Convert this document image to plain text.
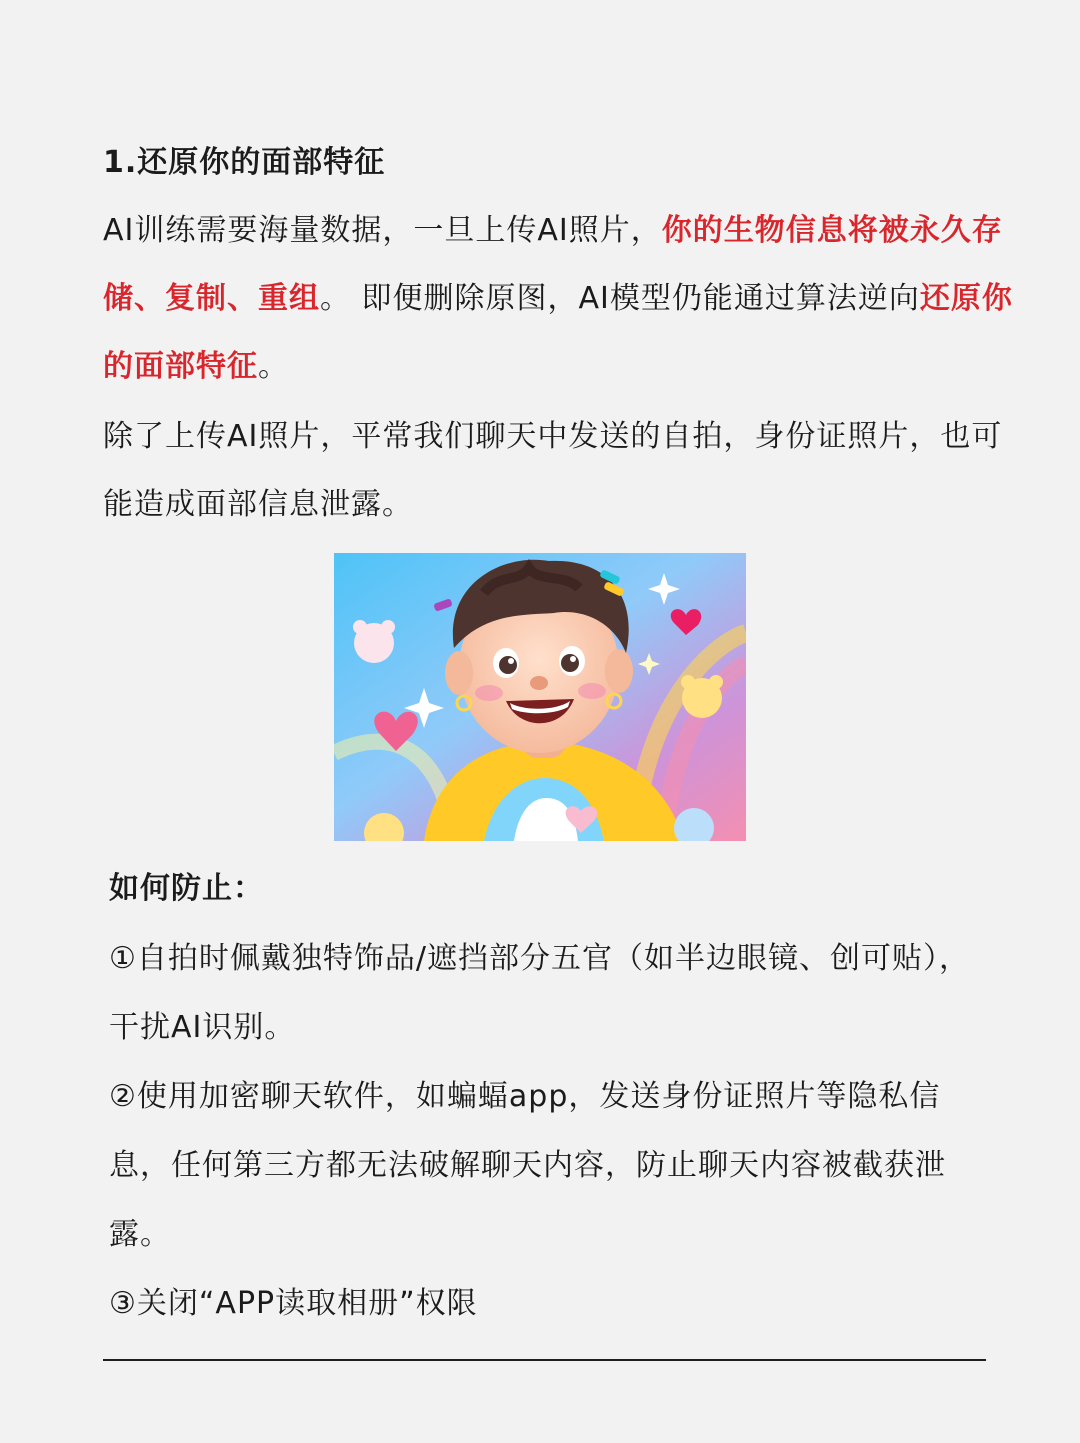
1.还原你的面部特征

AI训练需要海量数据，一旦上传AI照片，你的生物信息将被永久存储、复制、重组。 即便删除原图，AI模型仍能通过算法逆向还原你的面部特征。

除了上传AI照片，平常我们聊天中发送的自拍，身份证照片，也可能造成面部信息泄露。

如何防止：
①自拍时佩戴独特饰品/遮挡部分五官（如半边眼镜、创可贴），干扰AI识别。
②使用加密聊天软件，如蝙蝠app，发送身份证照片等隐私信息，任何第三方都无法破解聊天内容，防止聊天内容被截获泄露。
③关闭“APP读取相册”权限
